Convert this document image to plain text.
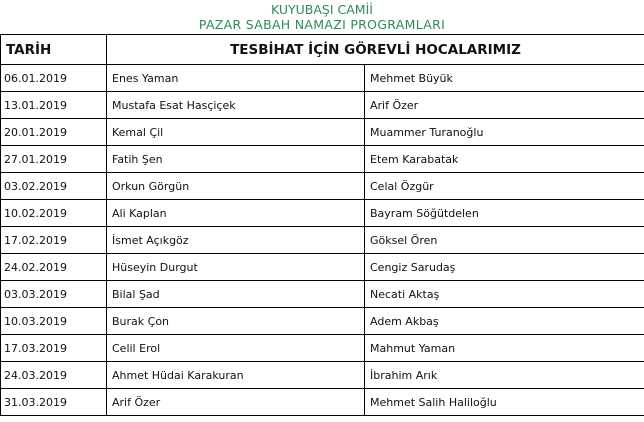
KUYUBAŞI CAMİİ
PAZAR SABAH NAMAZI PROGRAMLARI
TARİH	TESBİHAT İÇİN GÖREVLİ HOCALARIMIZ	
06.01.2019	Enes Yaman	Mehmet Büyük
13.01.2019	Mustafa Esat Hasçiçek	Arif Özer
20.01.2019	Kemal Çil	Muammer Turanoğlu
27.01.2019	Fatih Şen	Etem Karabatak
03.02.2019	Orkun Görgün	Celal Özgür
10.02.2019	Ali Kaplan	Bayram Söğütdelen
17.02.2019	İsmet Açıkgöz	Göksel Ören
24.02.2019	Hüseyin Durgut	Cengiz Sarudaş
03.03.2019	Bilal Şad	Necati Aktaş
10.03.2019	Burak Çon	Adem Akbaş
17.03.2019	Celil Erol	Mahmut Yaman
24.03.2019	Ahmet Hüdai Karakuran	İbrahim Arık
31.03.2019	Arif Özer	Mehmet Salih Haliloğlu
